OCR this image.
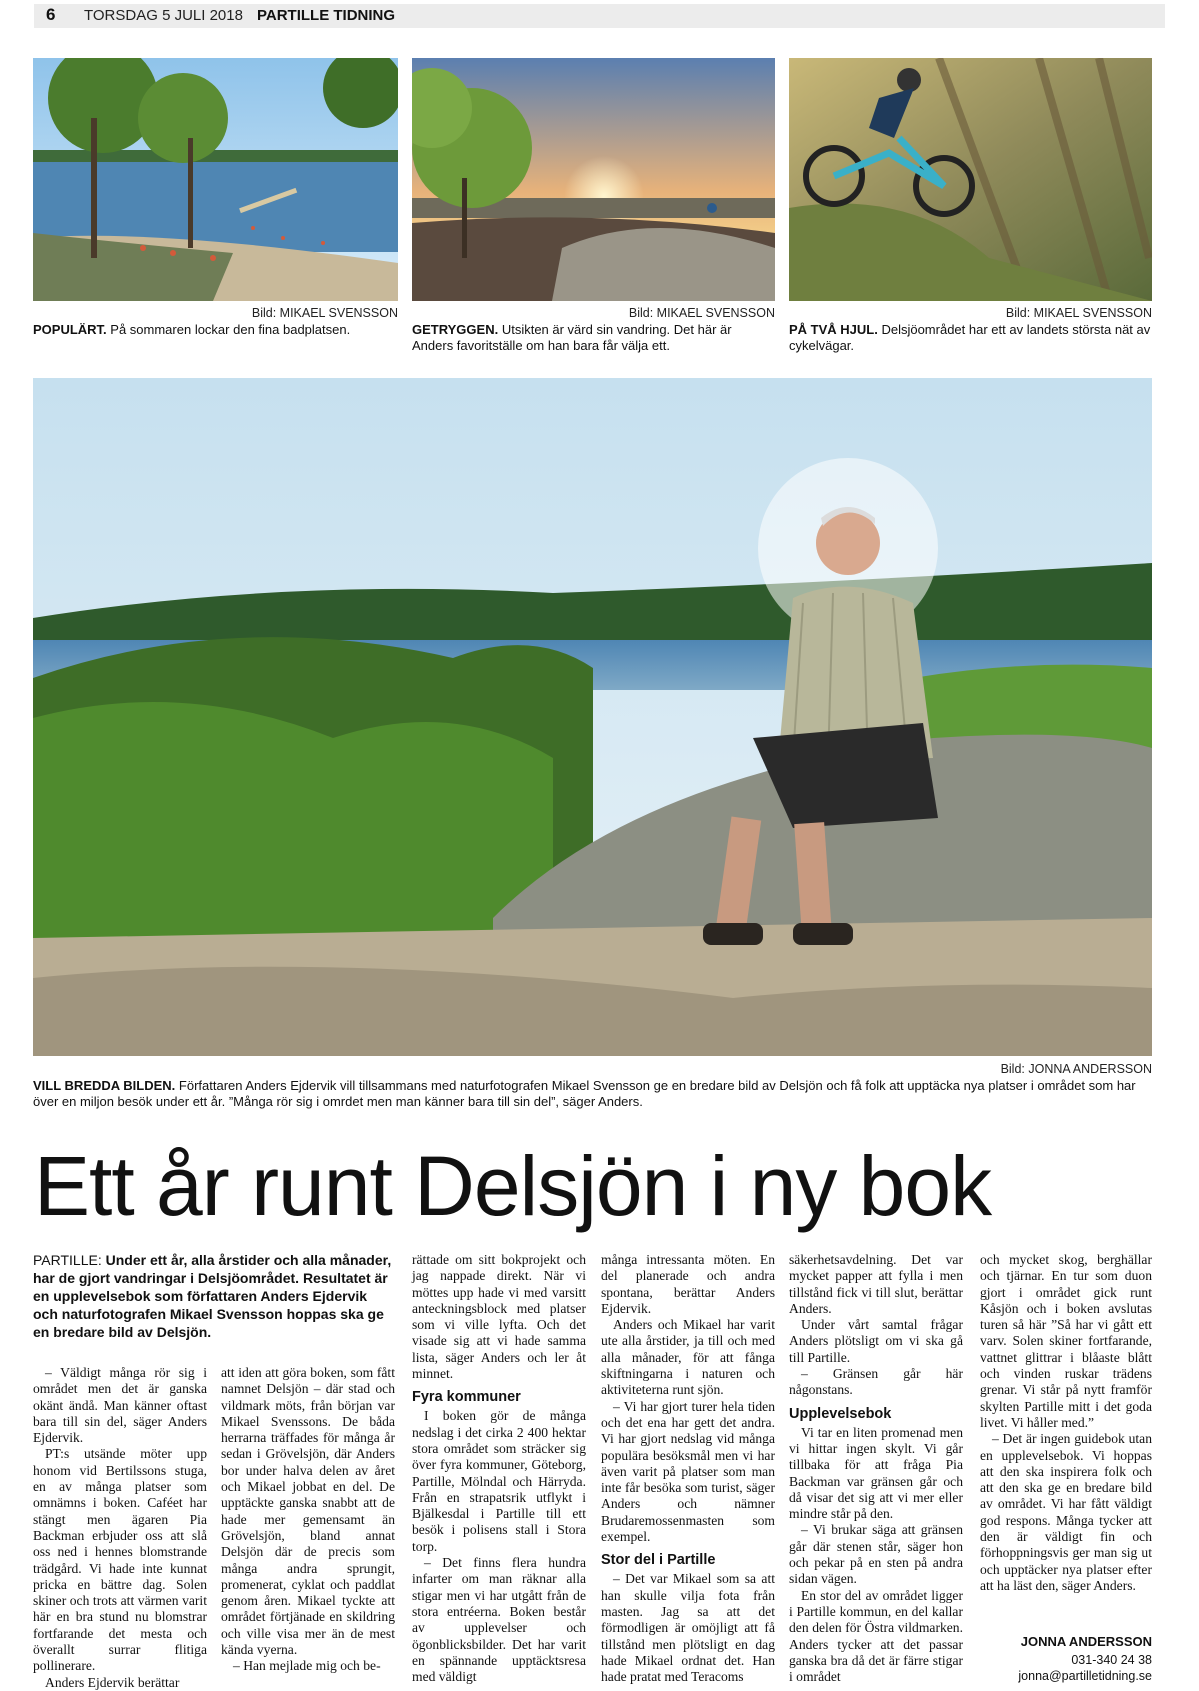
6 TORSDAG 5 JULI 2018 PARTILLE TIDNING
Bild: MIKAEL SVENSSON
POPULÄRT. På sommaren lockar den fina badplatsen.
Bild: MIKAEL SVENSSON
GETRYGGEN. Utsikten är värd sin vandring. Det här är Anders favoritställe om han bara får välja ett.
Bild: MIKAEL SVENSSON
PÅ TVÅ HJUL. Delsjöområdet har ett av landets största nät av cykelvägar.
Bild: JONNA ANDERSSON
VILL BREDDA BILDEN. Författaren Anders Ejdervik vill tillsammans med naturfotografen Mikael Svensson ge en bredare bild av Delsjön och få folk att upptäcka nya platser i området som har över en miljon besök under ett år. ”Många rör sig i omrdet men man känner bara till sin del”, säger Anders.
Ett år runt Delsjön i ny bok
PARTILLE: Under ett år, alla årstider och alla månader, har de gjort vandringar i Delsjöområdet. Resultatet är en upplevelsebok som författaren Anders Ejdervik och naturfotografen Mikael Svensson hoppas ska ge en bredare bild av Delsjön.

– Väldigt många rör sig i området men det är ganska okänt ändå. Man känner oftast bara till sin del, säger Anders Ejdervik.

PT:s utsände möter upp honom vid Bertilssons stuga, en av många platser som omnämns i boken. Caféet har stängt men ägaren Pia Backman erbjuder oss att slå oss ned i hennes blomstrande trädgård. Vi hade inte kunnat pricka en bättre dag. Solen skiner och trots att värmen varit här en bra stund nu blomstrar fortfarande det mesta och överallt surrar flitiga pollinerare.

Anders Ejdervik berättar

att iden att göra boken, som fått namnet Delsjön – där stad och vildmark möts, från början var Mikael Svenssons. De båda herrarna träffades för många år sedan i Grövelsjön, där Anders bor under halva delen av året och Mikael jobbat en del. De upptäckte ganska snabbt att de hade mer gemensamt än Grövelsjön, bland annat Delsjön där de precis som många andra sprungit, promenerat, cyklat och paddlat genom åren. Mikael tyckte att området förtjänade en skildring och ville visa mer än de mest kända vyerna.

– Han mejlade mig och be-

rättade om sitt bokprojekt och jag nappade direkt. När vi möttes upp hade vi med varsitt anteckningsblock med platser som vi ville lyfta. Och det visade sig att vi hade samma lista, säger Anders och ler åt minnet.

Fyra kommuner

I boken gör de många nedslag i det cirka 2 400 hektar stora området som sträcker sig över fyra kommuner, Göteborg, Partille, Mölndal och Härryda. Från en strapatsrik utflykt i Bjälkesdal i Partille till ett besök i polisens stall i Stora torp.

– Det finns flera hundra infarter om man räknar alla stigar men vi har utgått från de stora entréerna. Boken består av upplevelser och ögonblicksbilder. Det har varit en spännande upptäcktsresa med väldigt

många intressanta möten. En del planerade och andra spontana, berättar Anders Ejdervik.

Anders och Mikael har varit ute alla årstider, ja till och med alla månader, för att fånga skiftningarna i naturen och aktiviteterna runt sjön.

– Vi har gjort turer hela tiden och det ena har gett det andra. Vi har gjort nedslag vid många populära besöksmål men vi har även varit på platser som man inte får besöka som turist, säger Anders och nämner Brudaremossenmasten som exempel.

Stor del i Partille

– Det var Mikael som sa att han skulle vilja fota från masten. Jag sa att det förmodligen är omöjligt att få tillstånd men plötsligt en dag hade Mikael ordnat det. Han hade pratat med Teracoms

säkerhetsavdelning. Det var mycket papper att fylla i men tillstånd fick vi till slut, berättar Anders.

Under vårt samtal frågar Anders plötsligt om vi ska gå till Partille.

– Gränsen går här någonstans.

Upplevelsebok

Vi tar en liten promenad men vi hittar ingen skylt. Vi går tillbaka för att fråga Pia Backman var gränsen går och då visar det sig att vi mer eller mindre står på den.

– Vi brukar säga att gränsen går där stenen står, säger hon och pekar på en sten på andra sidan vägen.

En stor del av området ligger i Partille kommun, en del kallar den delen för Östra vildmarken. Anders tycker att det passar ganska bra då det är färre stigar i området

och mycket skog, berghällar och tjärnar. En tur som duon gjort i området gick runt Kåsjön och i boken avslutas turen så här ”Så har vi gått ett varv. Solen skiner fortfarande, vattnet glittrar i blåaste blått och vinden ruskar trädens grenar. Vi står på nytt framför skylten Partille mitt i det goda livet. Vi håller med.”

– Det är ingen guidebok utan en upplevelsebok. Vi hoppas att den ska inspirera folk och att den ska ge en bredare bild av området. Vi har fått väldigt god respons. Många tycker att den är väldigt fin och förhoppningsvis ger man sig ut och upptäcker nya platser efter att ha läst den, säger Anders.

JONNA ANDERSSON
031-340 24 38
jonna@partilletidning.se
